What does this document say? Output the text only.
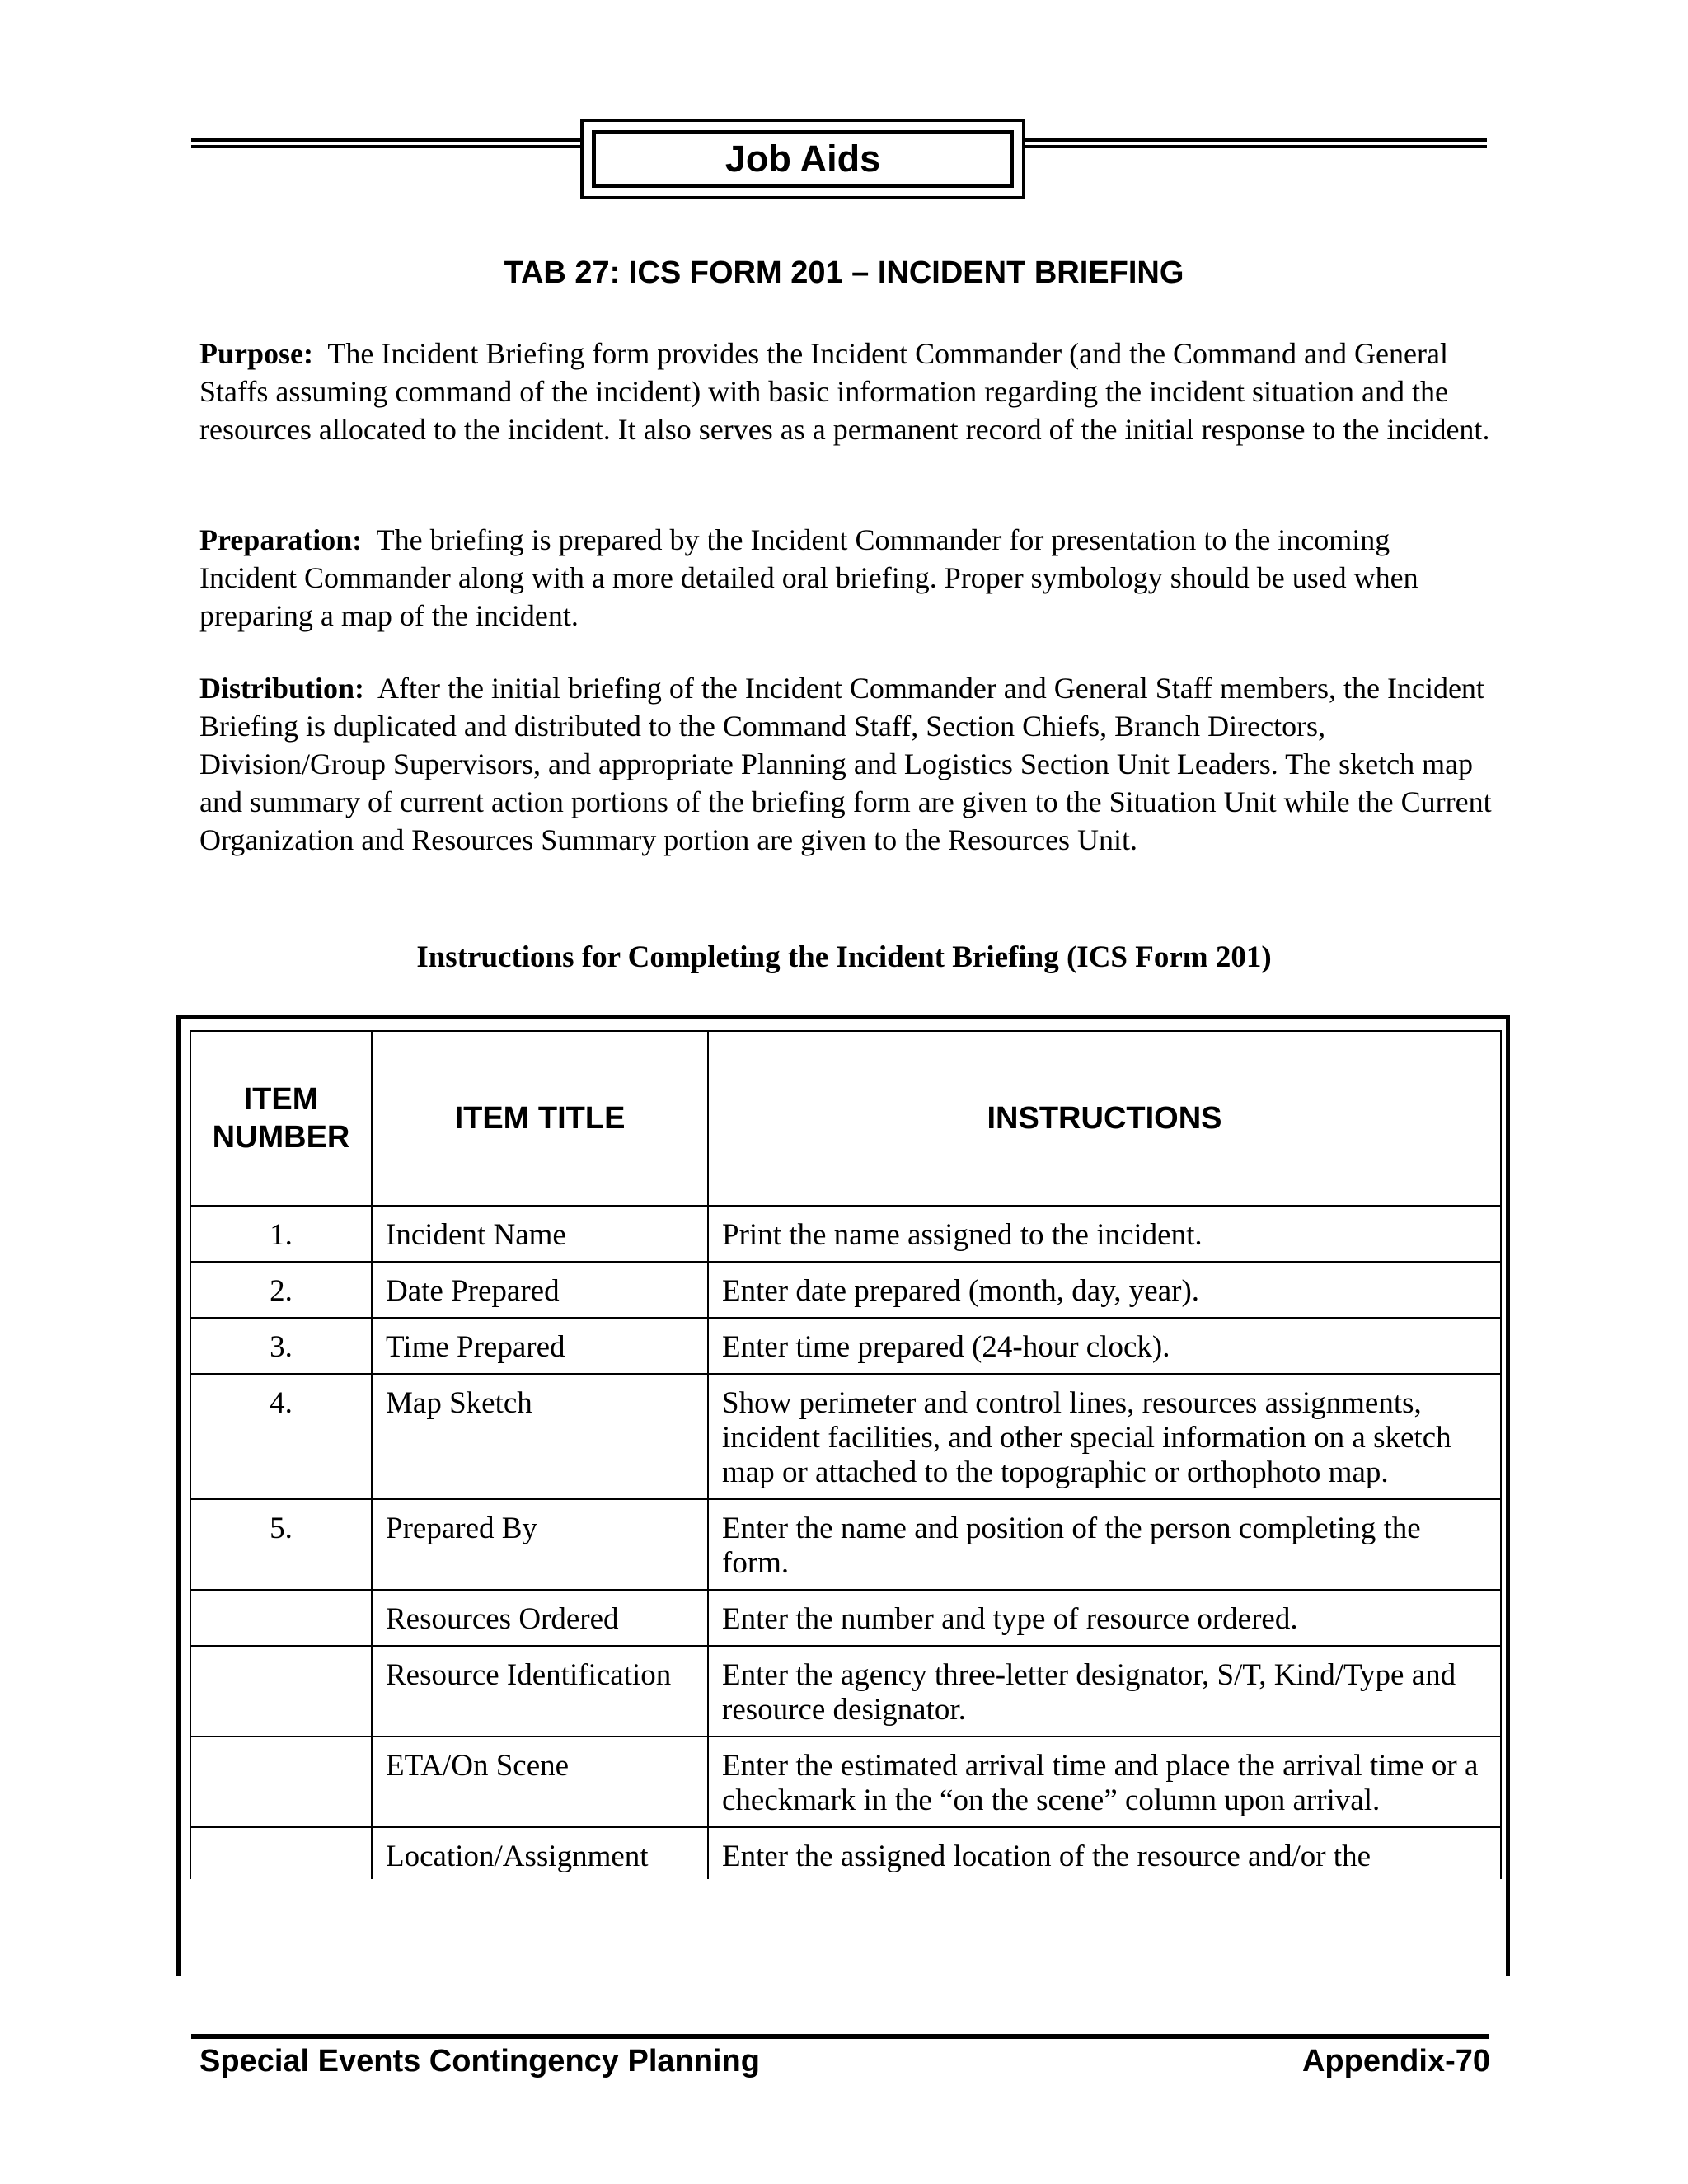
Job Aids
TAB 27: ICS FORM 201 – INCIDENT BRIEFING

Purpose: The Incident Briefing form provides the Incident Commander (and the Command and General Staffs assuming command of the incident) with basic information regarding the incident situation and the resources allocated to the incident. It also serves as a permanent record of the initial response to the incident.

Preparation: The briefing is prepared by the Incident Commander for presentation to the incoming Incident Commander along with a more detailed oral briefing. Proper symbology should be used when preparing a map of the incident.

Distribution: After the initial briefing of the Incident Commander and General Staff members, the Incident Briefing is duplicated and distributed to the Command Staff, Section Chiefs, Branch Directors, Division/Group Supervisors, and appropriate Planning and Logistics Section Unit Leaders. The sketch map and summary of current action portions of the briefing form are given to the Situation Unit while the Current Organization and Resources Summary portion are given to the Resources Unit.

Instructions for Completing the Incident Briefing (ICS Form 201)
ITEM NUMBER	ITEM TITLE	INSTRUCTIONS
1.	Incident Name	Print the name assigned to the incident.
2.	Date Prepared	Enter date prepared (month, day, year).
3.	Time Prepared	Enter time prepared (24-hour clock).
4.	Map Sketch	Show perimeter and control lines, resources assignments, incident facilities, and other special information on a sketch map or attached to the topographic or orthophoto map.
5.	Prepared By	Enter the name and position of the person completing the form.
	Resources Ordered	Enter the number and type of resource ordered.
	Resource Identification	Enter the agency three-letter designator, S/T, Kind/Type and resource designator.
	ETA/On Scene	Enter the estimated arrival time and place the arrival time or a checkmark in the “on the scene” column upon arrival.
	Location/Assignment	Enter the assigned location of the resource and/or the
Special Events Contingency Planning	Appendix-70
